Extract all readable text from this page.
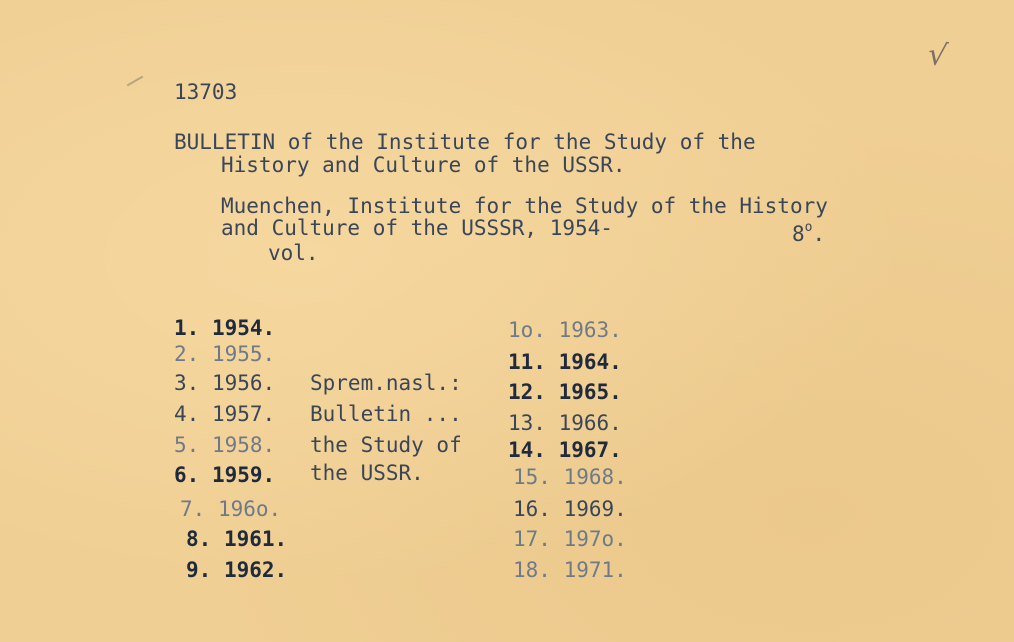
√
13703
BULLETIN of the Institute for the Study of the
History and Culture of the USSR.
Muenchen, Institute for the Study of the History
and Culture of the USSSR, 1954-	8$^o$.
vol.
1. 1954.
2. 1955.
3. 1956.
4. 1957.
5. 1958.
6. 1959.
7. 196o.
8. 1961.
9. 1962.
Sprem.nasl.:
Bulletin ...
the Study of
the USSR.
1o. 1963.
11. 1964.
12. 1965.
13. 1966.
14. 1967.
15. 1968.
16. 1969.
17. 197o.
18. 1971.
